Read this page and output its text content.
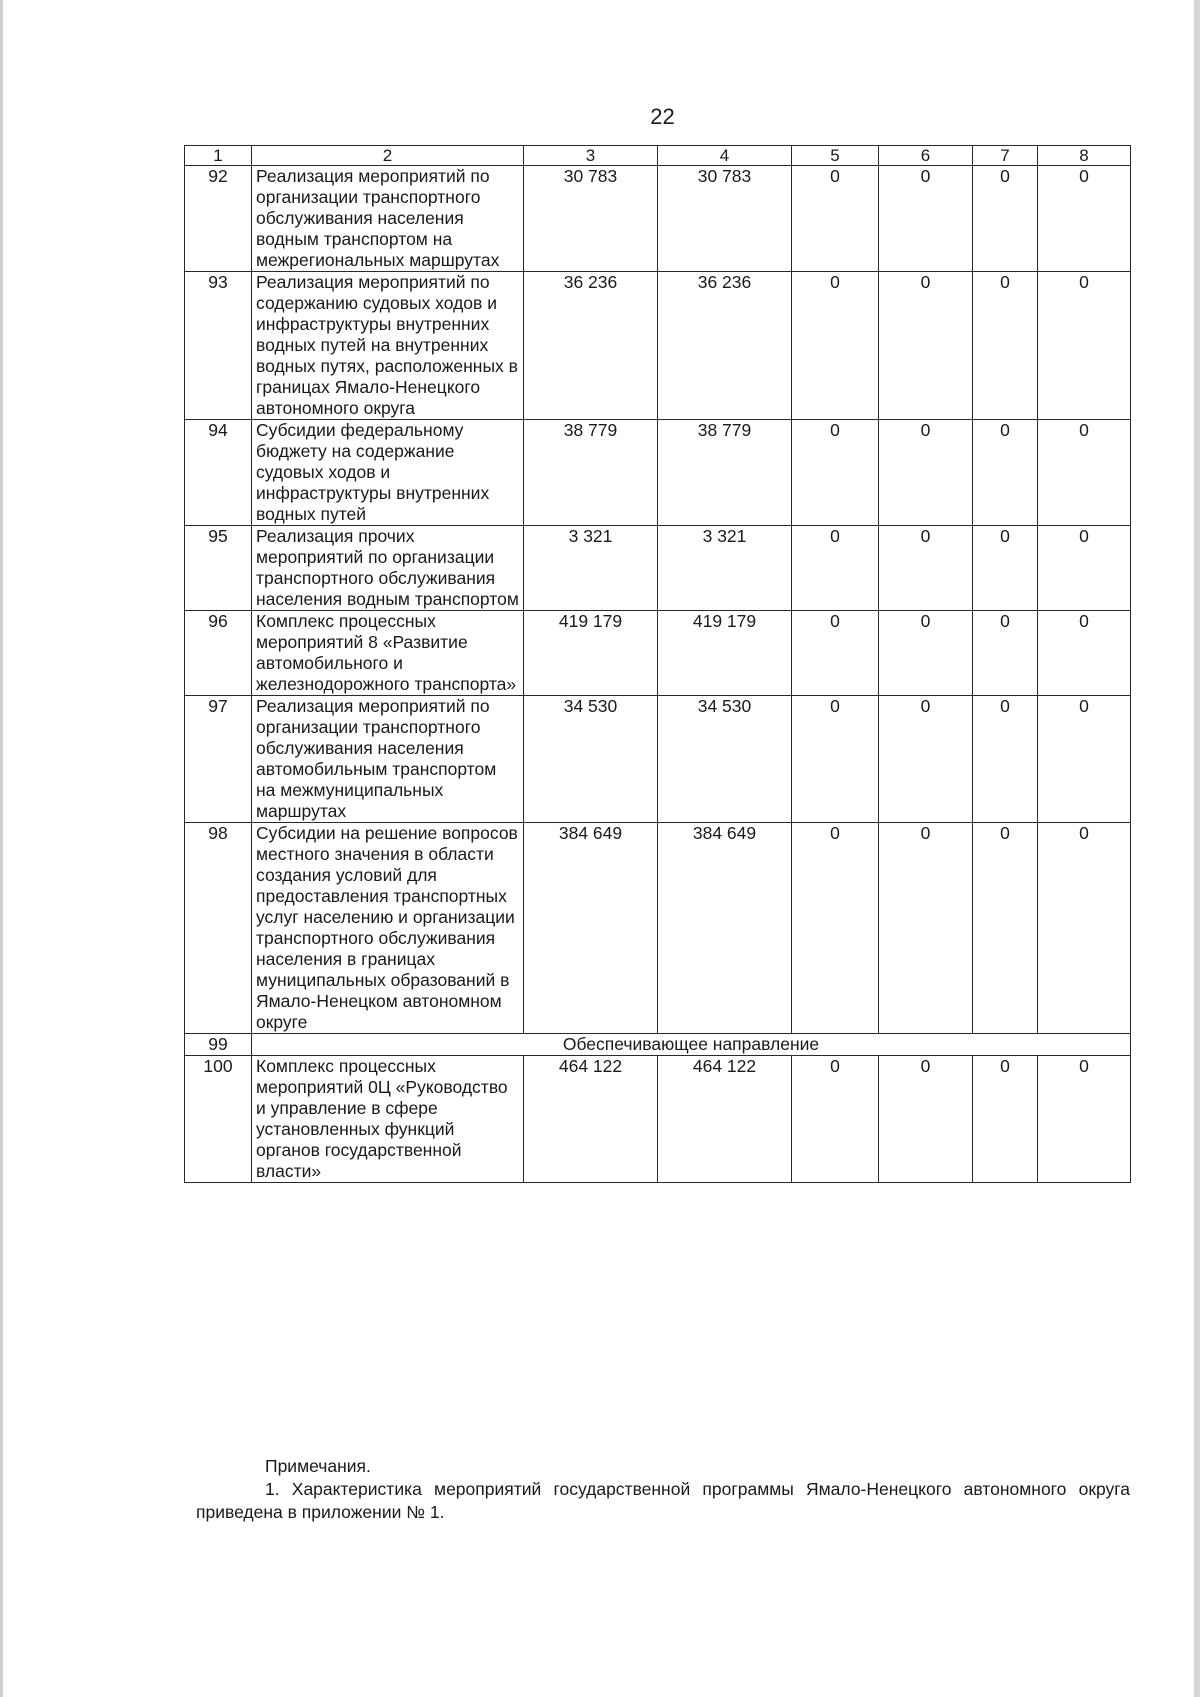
22
1	2	3	4	5	6	7	8
92	Реализация мероприятий по организации транспортного обслуживания населения водным транспортом на межрегиональных маршрутах	30 783	30 783	0	0	0	0
93	Реализация мероприятий по содержанию судовых ходов и инфраструктуры внутренних водных путей на внутренних водных путях, расположенных в границах Ямало-Ненецкого автономного округа	36 236	36 236	0	0	0	0
94	Субсидии федеральному бюджету на содержание судовых ходов и инфраструктуры внутренних водных путей	38 779	38 779	0	0	0	0
95	Реализация прочих мероприятий по организации транспортного обслуживания населения водным транспортом	3 321	3 321	0	0	0	0
96	Комплекс процессных мероприятий 8 «Развитие автомобильного и железнодорожного транспорта»	419 179	419 179	0	0	0	0
97	Реализация мероприятий по организации транспортного обслуживания населения автомобильным транспортом на межмуниципальных маршрутах	34 530	34 530	0	0	0	0
98	Субсидии на решение вопросов местного значения в области создания условий для предоставления транспортных услуг населению и организации транспортного обслуживания населения в границах муниципальных образований в Ямало-Ненецком автономном округе	384 649	384 649	0	0	0	0
99	Обеспечивающее направление						
100	Комплекс процессных мероприятий 0Ц «Руководство и управление в сфере установленных функций органов государственной власти»	464 122	464 122	0	0	0	0
Примечания.
1. Характеристика мероприятий государственной программы Ямало-Ненецкого автономного округа приведена в приложении № 1.
